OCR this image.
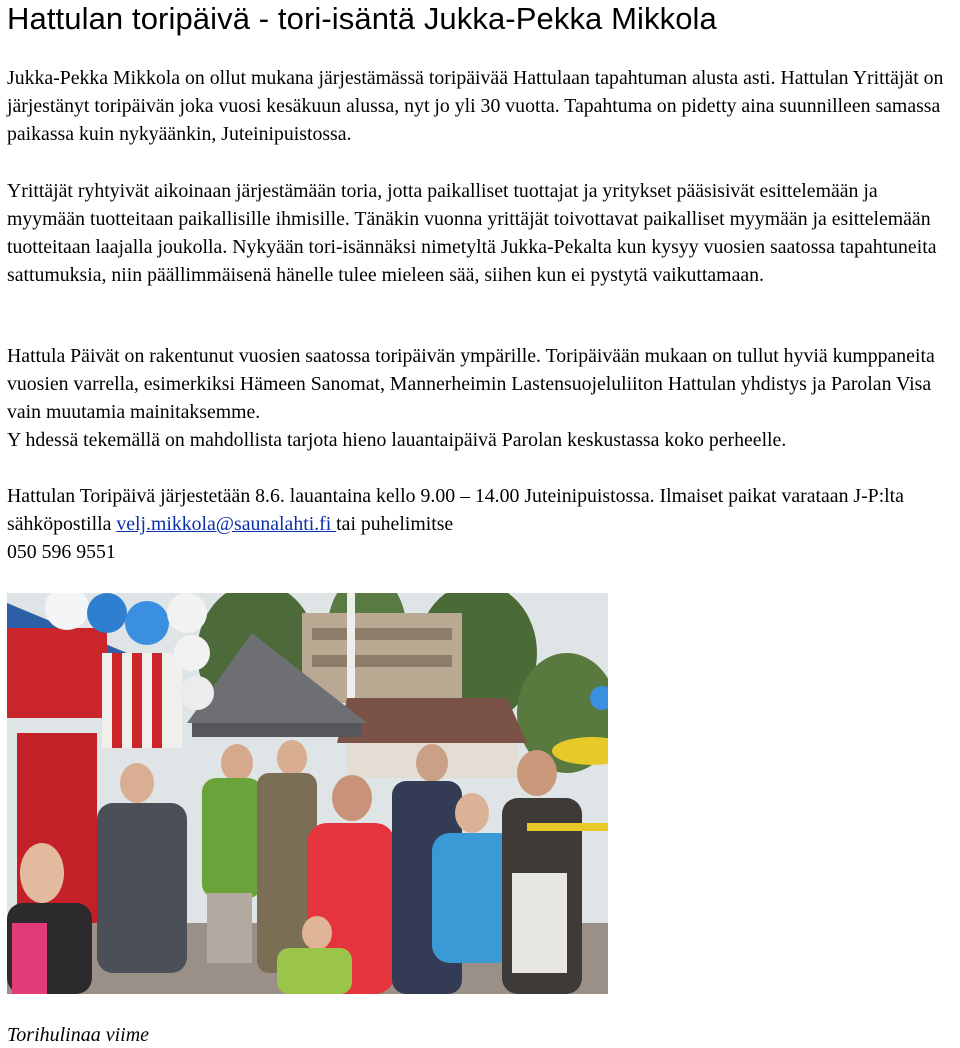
Hattulan toripäivä - tori-isäntä Jukka-Pekka Mikkola

Jukka-Pekka Mikkola on ollut mukana järjestämässä toripäivää Hattulaan tapahtuman alusta asti. Hattulan Yrittäjät on järjestänyt toripäivän joka vuosi kesäkuun alussa, nyt jo yli 30 vuotta. Tapahtuma on pidetty aina suunnilleen samassa paikassa kuin nykyäänkin, Juteinipuistossa.

Yrittäjät ryhtyivät aikoinaan järjestämään toria, jotta paikalliset tuottajat ja yritykset pääsisivät esittelemään ja myymään tuotteitaan paikallisille ihmisille. Tänäkin vuonna yrittäjät toivottavat paikalliset myymään ja esittelemään tuotteitaan laajalla joukolla. Nykyään tori-isännäksi nimetyltä Jukka-Pekalta kun kysyy vuosien saatossa tapahtuneita sattumuksia, niin päällimmäisenä hänelle tulee mieleen sää, siihen kun ei pystytä vaikuttamaan.

Hattula Päivät on rakentunut vuosien saatossa toripäivän ympärille. Toripäivään mukaan on tullut hyviä kumppaneita vuosien varrella, esimerkiksi Hämeen Sanomat, Mannerheimin Lastensuojeluliiton Hattulan yhdistys ja Parolan Visa vain muutamia mainitaksemme.
Y hdessä tekemällä on mahdollista tarjota hieno lauantaipäivä Parolan keskustassa koko perheelle.

Hattulan Toripäivä järjestetään 8.6. lauantaina kello 9.00 – 14.00 Juteinipuistossa. Ilmaiset paikat varataan J-P:lta sähköpostilla velj.mikkola@saunalahti.fi tai puhelimitse
050 596 9551

Torihulinaa viime
